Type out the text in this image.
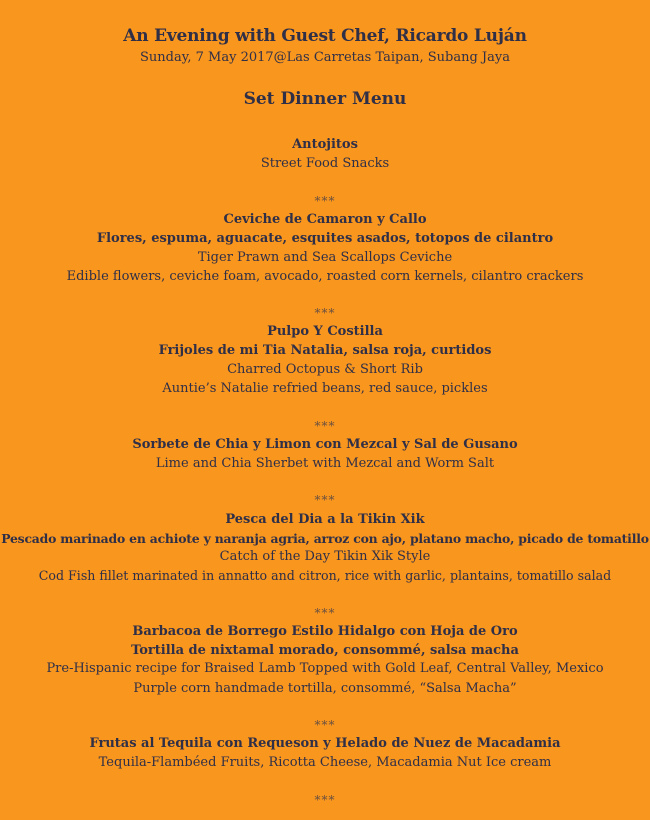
An Evening with Guest Chef, Ricardo Luján
Sunday, 7 May 2017@Las Carretas Taipan, Subang Jaya
Set Dinner Menu
Antojitos
Street Food Snacks
***
Ceviche de Camaron y Callo
Flores, espuma, aguacate, esquites asados, totopos de cilantro
Tiger Prawn and Sea Scallops Ceviche
Edible flowers, ceviche foam, avocado, roasted corn kernels, cilantro crackers
***
Pulpo Y Costilla
Frijoles de mi Tia Natalia, salsa roja, curtidos
Charred Octopus & Short Rib
Auntie’s Natalie refried beans, red sauce, pickles
***
Sorbete de Chia y Limon con Mezcal y Sal de Gusano
Lime and Chia Sherbet with Mezcal and Worm Salt
***
Pesca del Dia a la Tikin Xik
Pescado marinado en achiote y naranja agria, arroz con ajo, platano macho, picado de tomatillo
Catch of the Day Tikin Xik Style
Cod Fish fillet marinated in annatto and citron, rice with garlic, plantains, tomatillo salad
***
Barbacoa de Borrego Estilo Hidalgo con Hoja de Oro
Tortilla de nixtamal morado, consommé, salsa macha
Pre-Hispanic recipe for Braised Lamb Topped with Gold Leaf, Central Valley, Mexico
Purple corn handmade tortilla, consommé, “Salsa Macha”
***
Frutas al Tequila con Requeson y Helado de Nuez de Macadamia
Tequila-Flambéed Fruits, Ricotta Cheese, Macadamia Nut Ice cream
***
